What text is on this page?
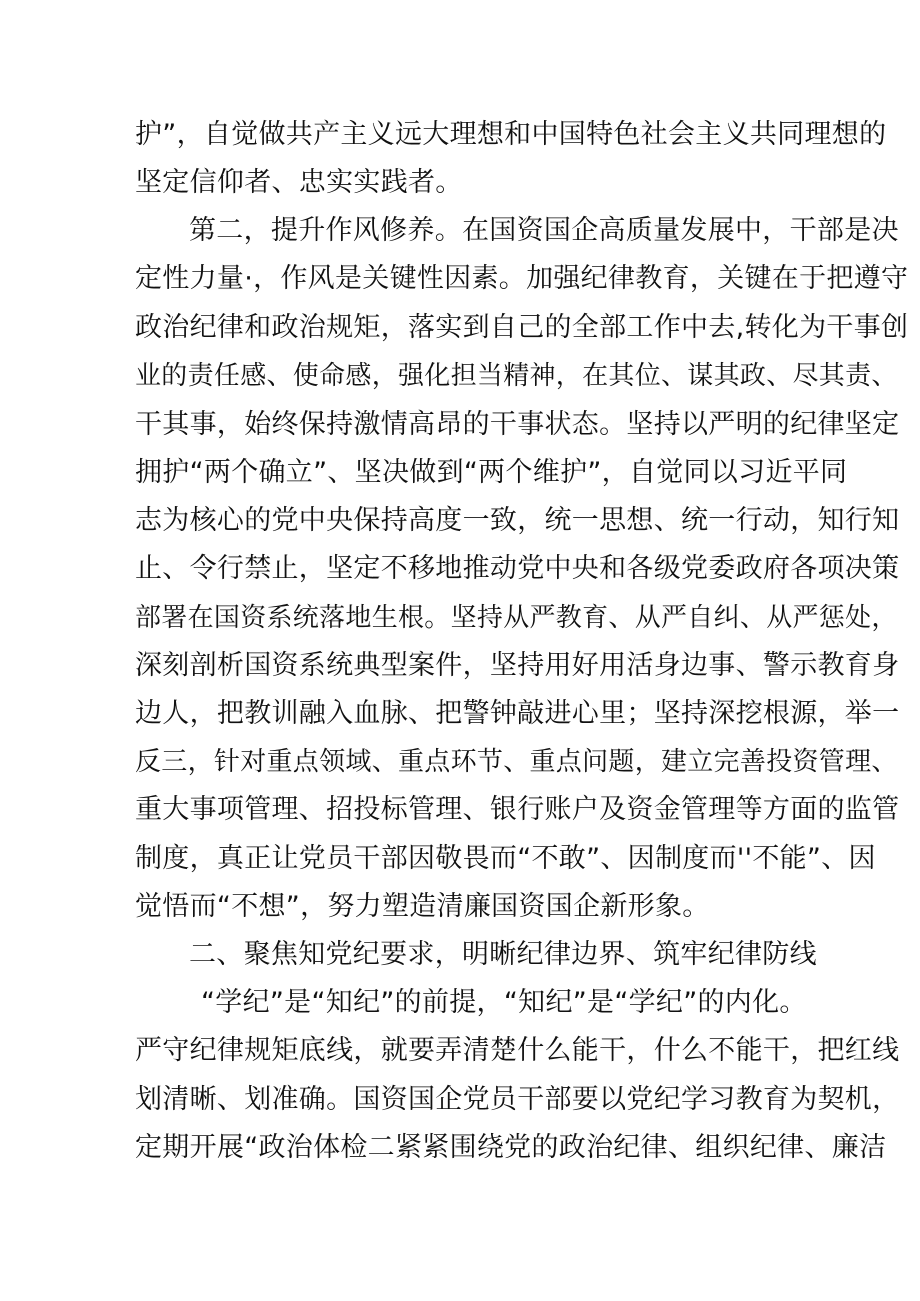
护”，自觉做共产主义远大理想和中国特色社会主义共同理想的
坚定信仰者、忠实实践者。
第二，提升作风修养。在国资国企高质量发展中，干部是决
定性力量·，作风是关键性因素。加强纪律教育，关键在于把遵守
政治纪律和政治规矩，落实到自己的全部工作中去,转化为干事创
业的责任感、使命感，强化担当精神，在其位、谋其政、尽其责、
干其事，始终保持激情高昂的干事状态。坚持以严明的纪律坚定
拥护“两个确立”、坚决做到“两个维护”，自觉同以习近平同
志为核心的党中央保持高度一致，统一思想、统一行动，知行知
止、令行禁止，坚定不移地推动党中央和各级党委政府各项决策
部署在国资系统落地生根。坚持从严教育、从严自纠、从严惩处，
深刻剖析国资系统典型案件，坚持用好用活身边事、警示教育身
边人，把教训融入血脉、把警钟敲进心里；坚持深挖根源，举一
反三，针对重点领域、重点环节、重点问题，建立完善投资管理、
重大事项管理、招投标管理、银行账户及资金管理等方面的监管
制度，真正让党员干部因敬畏而“不敢”、因制度而''不能”、因
觉悟而“不想”，努力塑造清廉国资国企新形象。
二、聚焦知党纪要求，明晰纪律边界、筑牢纪律防线
“学纪”是“知纪”的前提，“知纪”是“学纪”的内化。
严守纪律规矩底线，就要弄清楚什么能干，什么不能干，把红线
划清晰、划准确。国资国企党员干部要以党纪学习教育为契机，
定期开展“政治体检二紧紧围绕党的政治纪律、组织纪律、廉洁
